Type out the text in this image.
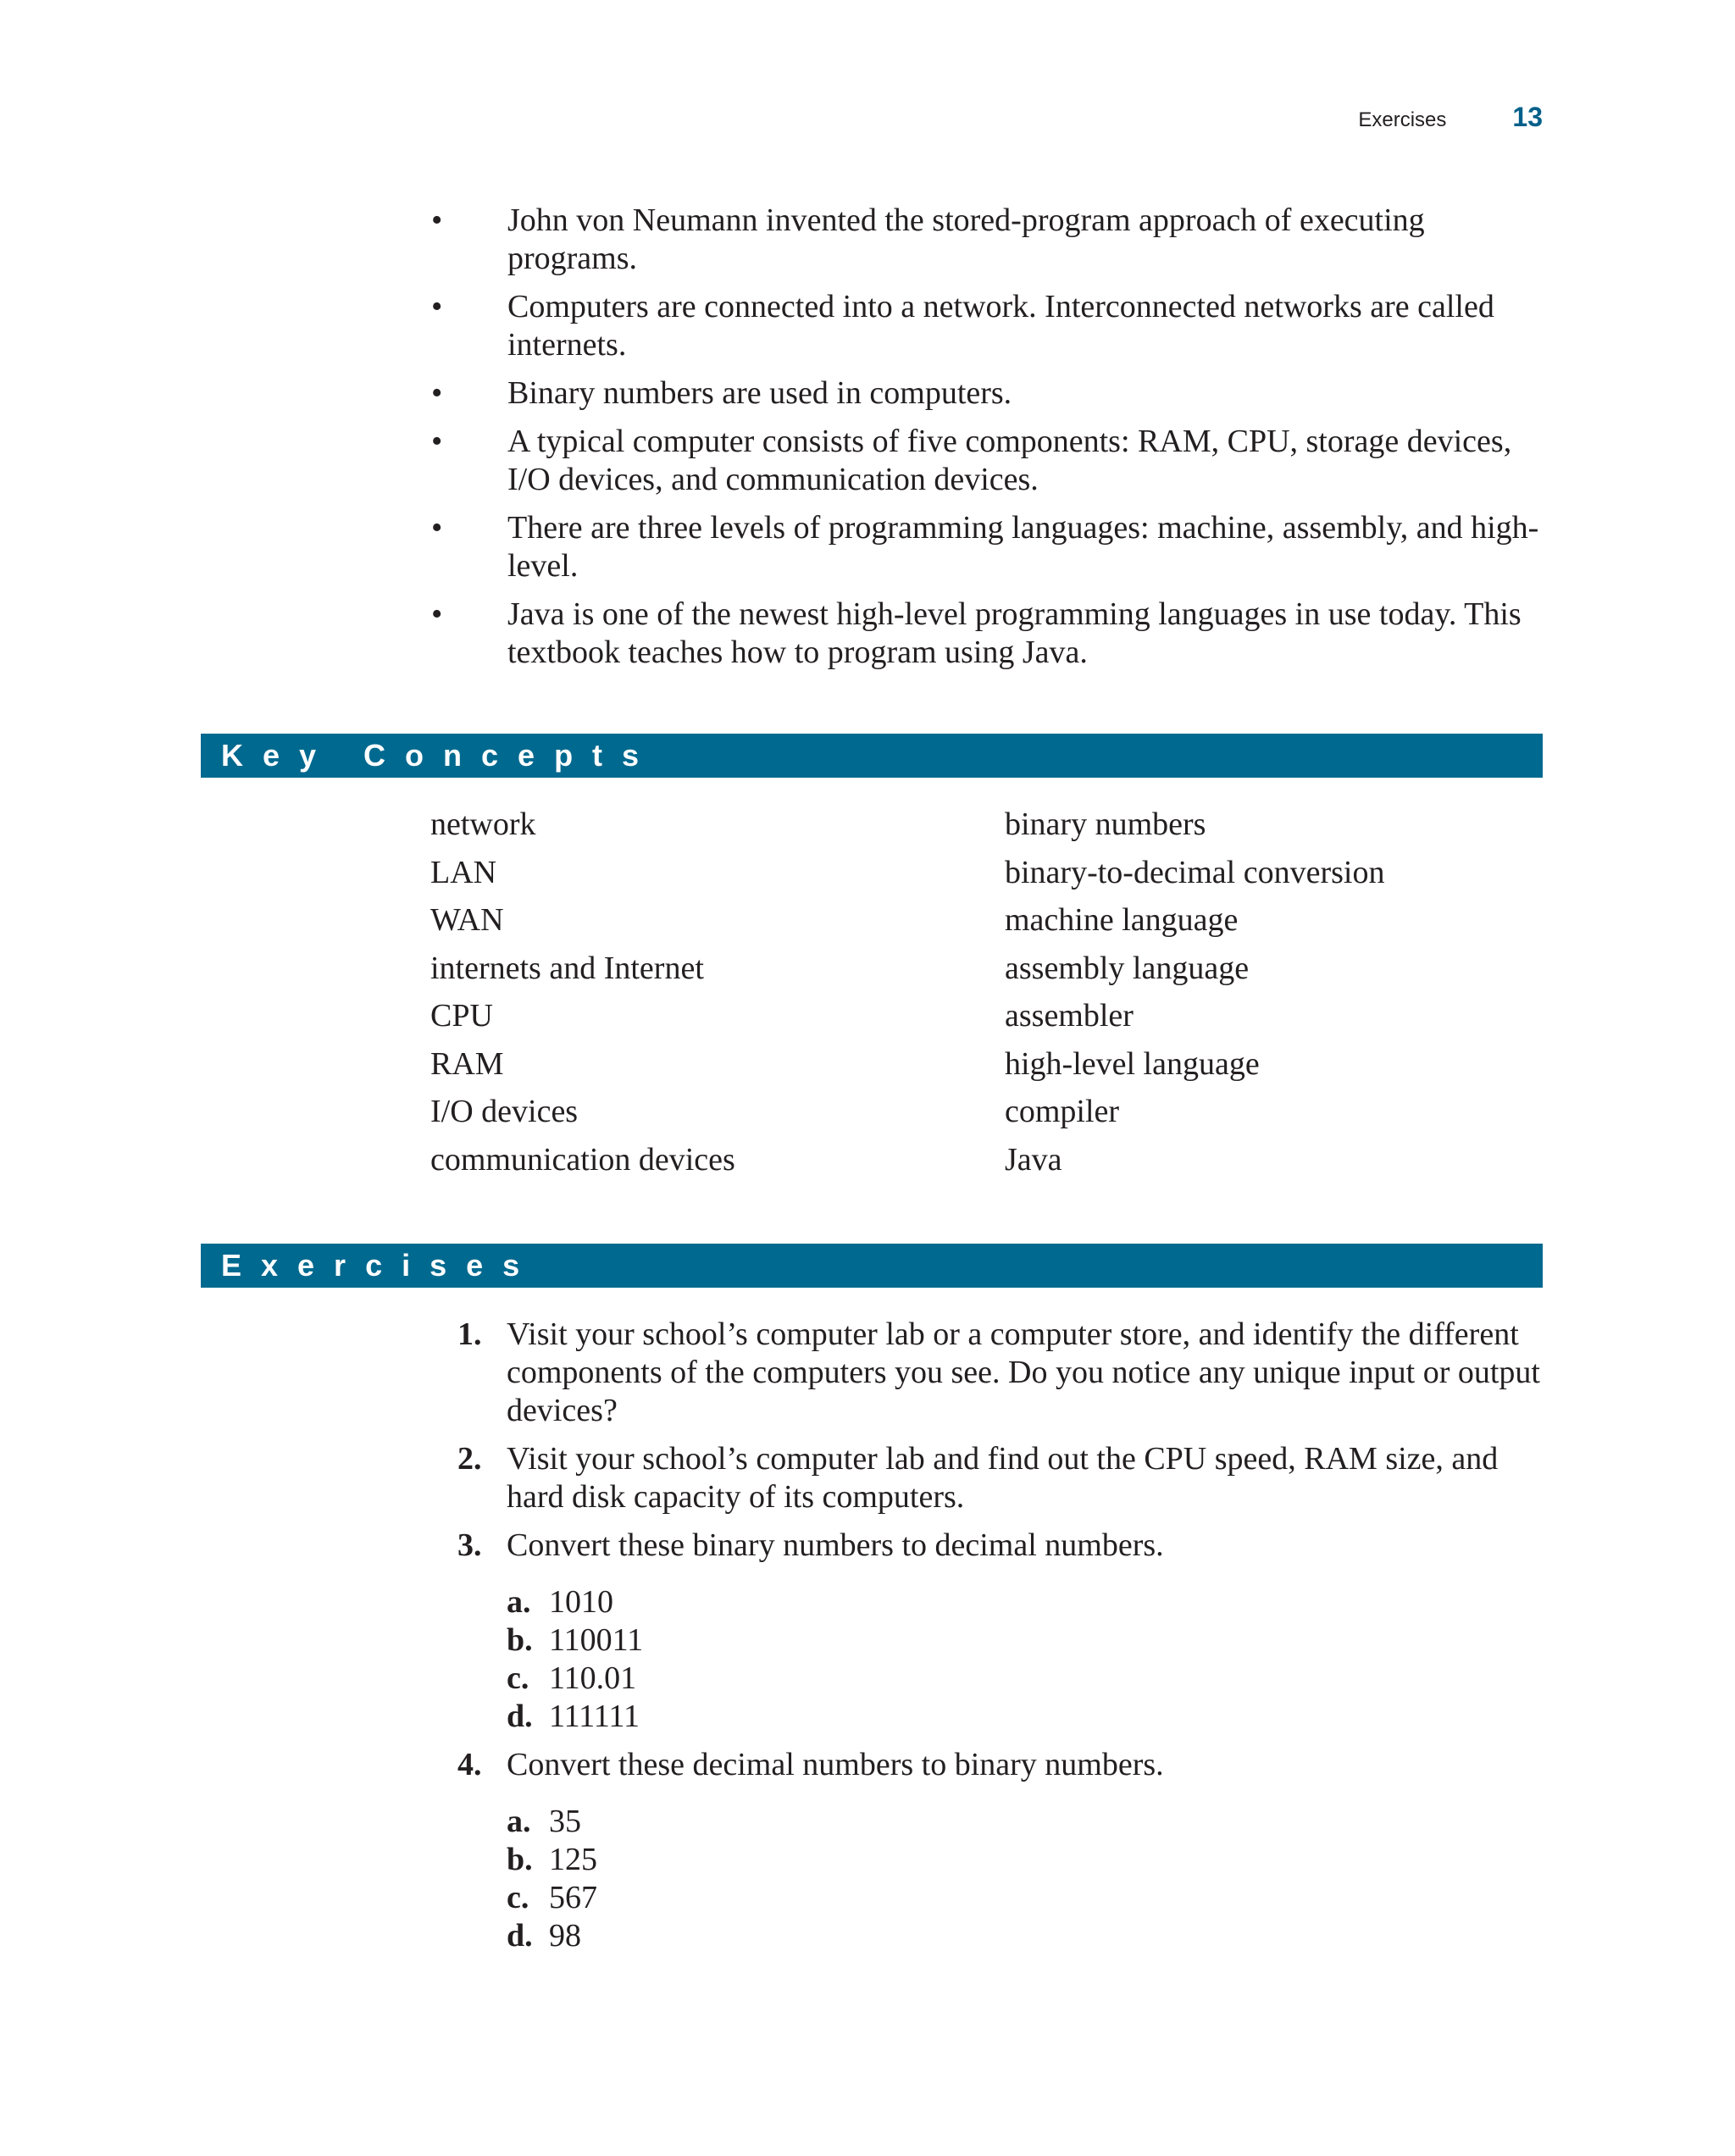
Exercises 13
• John von Neumann invented the stored-program approach of executing programs.
• Computers are connected into a network. Interconnected networks are called internets.
• Binary numbers are used in computers.
• A typical computer consists of five components: RAM, CPU, storage devices, I/O devices, and communication devices.
• There are three levels of programming languages: machine, assembly, and high-level.
• Java is one of the newest high-level programming languages in use today. This textbook teaches how to program using Java.
Key Concepts
network
LAN
WAN
internets and Internet
CPU
RAM
I/O devices
communication devices
binary numbers
binary-to-decimal conversion
machine language
assembly language
assembler
high-level language
compiler
Java
Exercises
1. Visit your school’s computer lab or a computer store, and identify the different components of the computers you see. Do you notice any unique input or output devices?
2. Visit your school’s computer lab and find out the CPU speed, RAM size, and hard disk capacity of its computers.
3. Convert these binary numbers to decimal numbers.
a. 1010
b. 110011
c. 110.01
d. 111111
4. Convert these decimal numbers to binary numbers.
a. 35
b. 125
c. 567
d. 98
